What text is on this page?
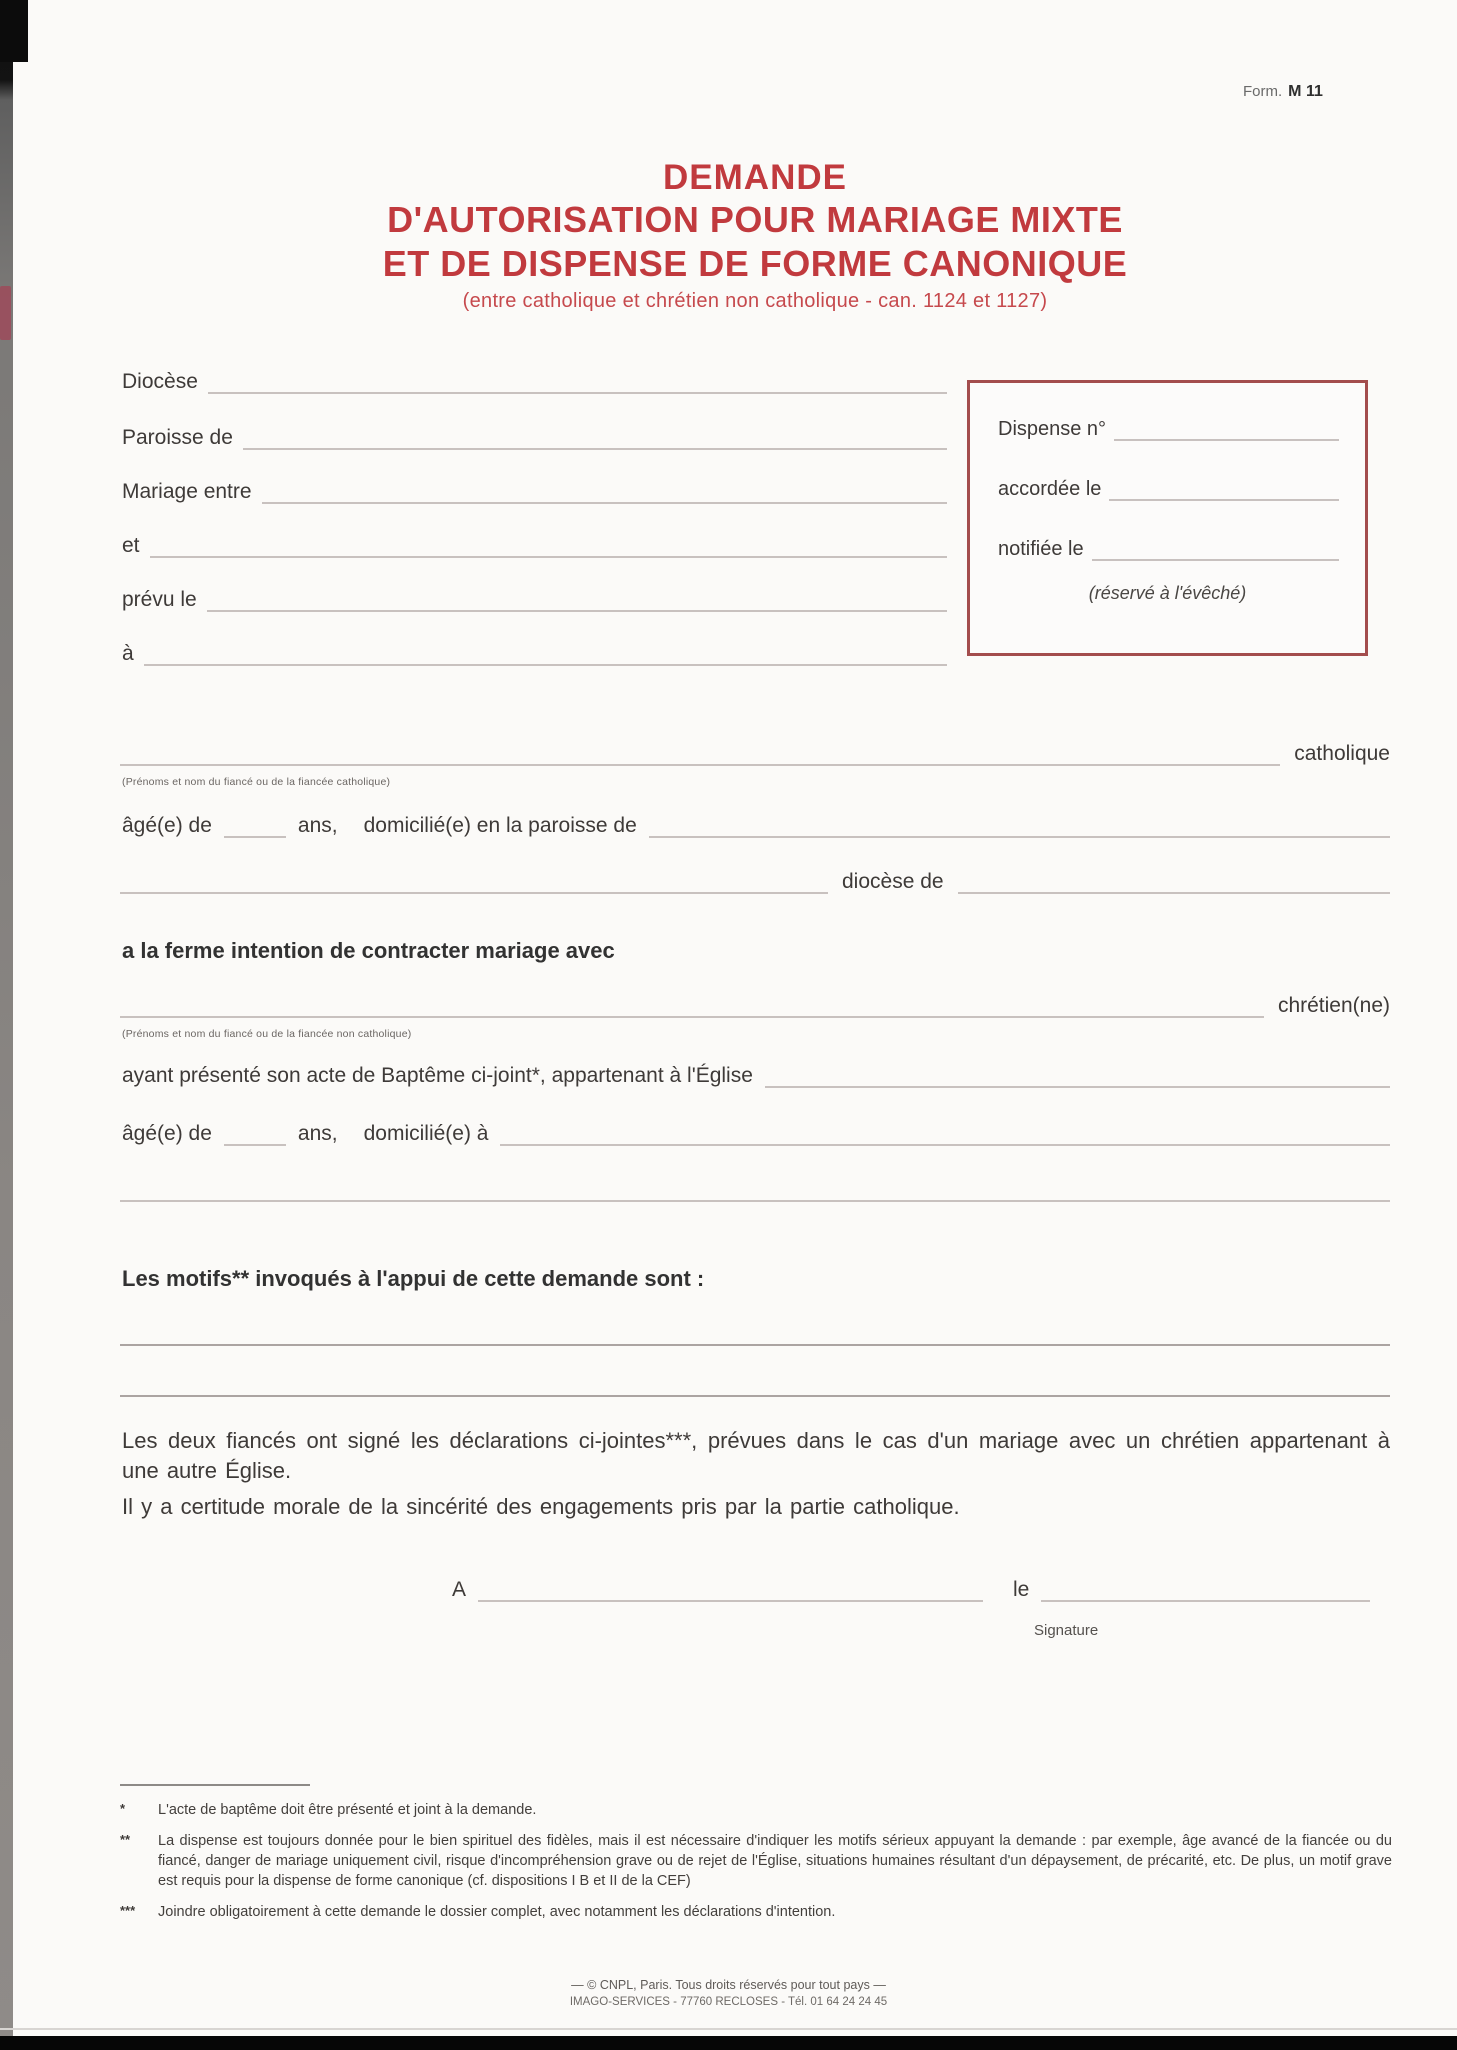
Form. M 11
DEMANDE
D'AUTORISATION POUR MARIAGE MIXTE
ET DE DISPENSE DE FORME CANONIQUE
(entre catholique et chrétien non catholique - can. 1124 et 1127)
Diocèse
Paroisse de
Mariage entre
et
prévu le
à
Dispense n°
accordée le
notifiée le
(réservé à l'évêché)
catholique
(Prénoms et nom du fiancé ou de la fiancée catholique)
âgé(e) de	ans, domicilié(e) en la paroisse de
diocèse de
a la ferme intention de contracter mariage avec
chrétien(ne)
(Prénoms et nom du fiancé ou de la fiancée non catholique)
ayant présenté son acte de Baptême ci-joint*, appartenant à l'Église
âgé(e) de	ans, domicilié(e) à
Les motifs** invoqués à l'appui de cette demande sont :
Les deux fiancés ont signé les déclarations ci-jointes***, prévues dans le cas d'un mariage avec un chrétien appartenant à une autre Église.
Il y a certitude morale de la sincérité des engagements pris par la partie catholique.
A	le
Signature
*	L'acte de baptême doit être présenté et joint à la demande.
**	La dispense est toujours donnée pour le bien spirituel des fidèles, mais il est nécessaire d'indiquer les motifs sérieux appuyant la demande : par exemple, âge avancé de la fiancée ou du fiancé, danger de mariage uniquement civil, risque d'incompréhension grave ou de rejet de l'Église, situations humaines résultant d'un dépaysement, de précarité, etc. De plus, un motif grave est requis pour la dispense de forme canonique (cf. dispositions I B et II de la CEF)
***	Joindre obligatoirement à cette demande le dossier complet, avec notamment les déclarations d'intention.
— © CNPL, Paris. Tous droits réservés pour tout pays —
IMAGO-SERVICES - 77760 RECLOSES - Tél. 01 64 24 24 45
